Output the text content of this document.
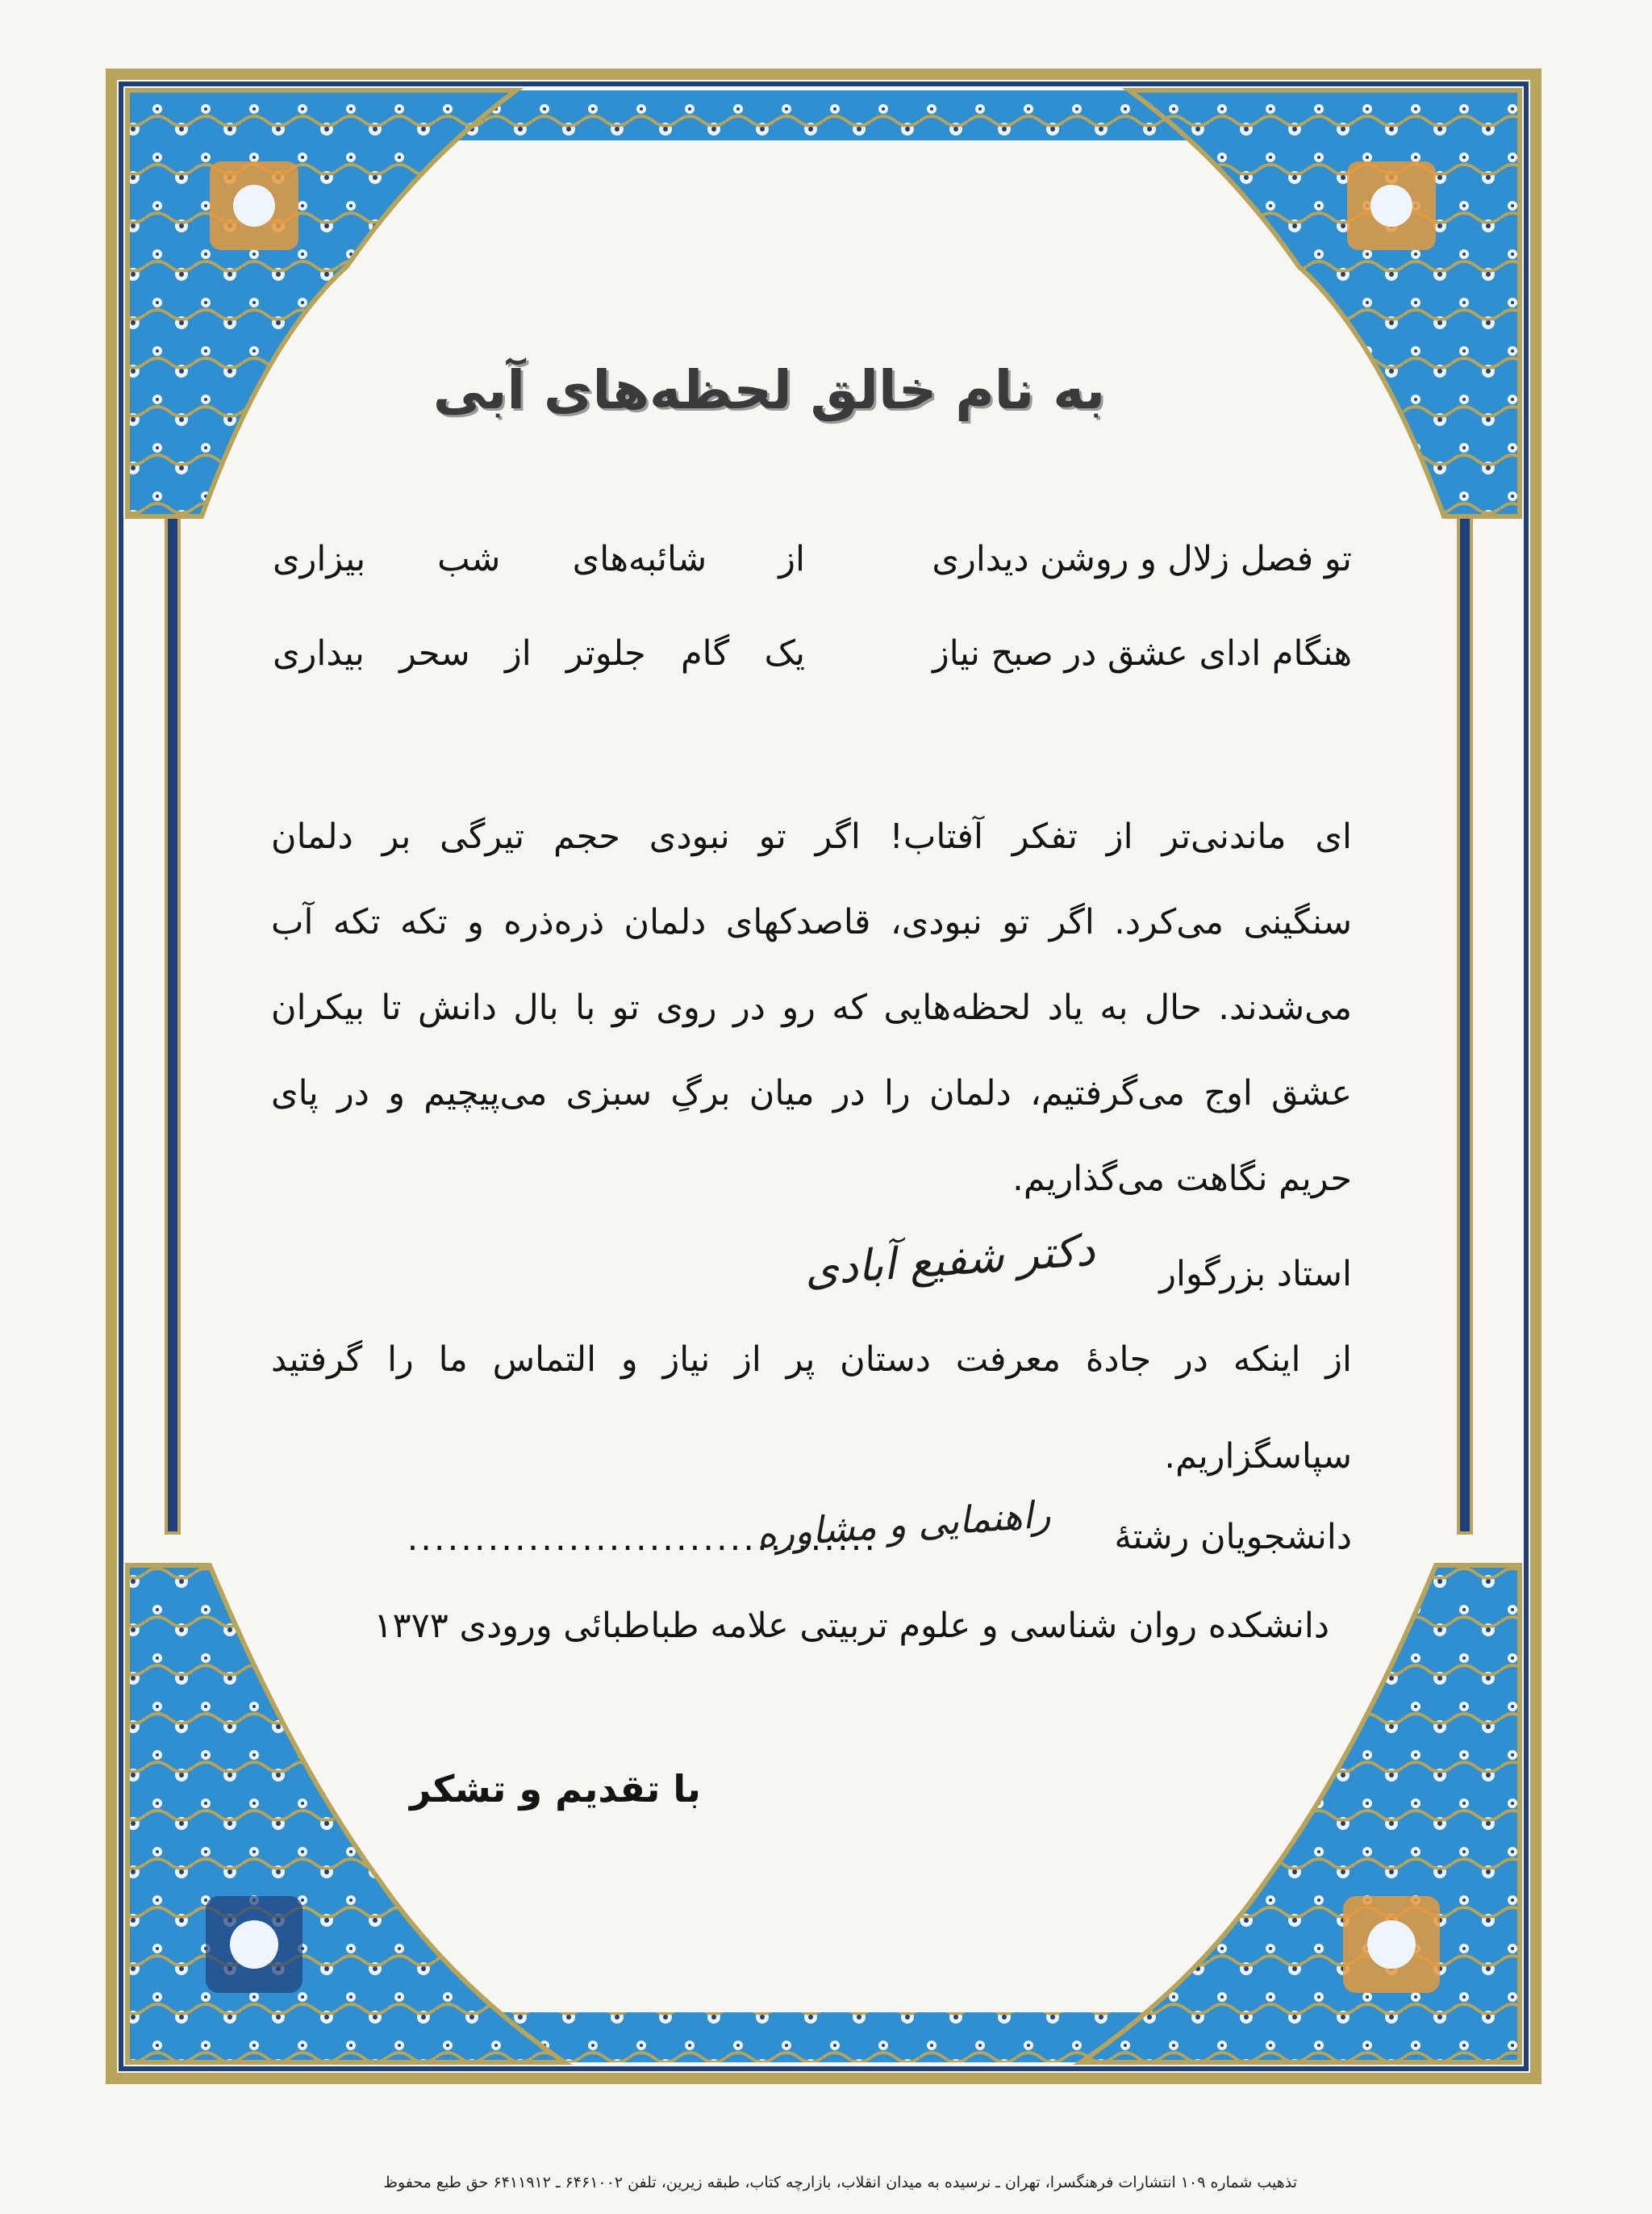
به نام خالق لحظه‌های آبی
تو فصل زلال و روشن دیداری
از شائبه‌های شب بیزاری
هنگام ادای عشق در صبح نیاز
یک گام جلوتر از سحر بیداری
ای ماندنی‌تر از تفکر آفتاب! اگر تو نبودی حجم تیرگی بر دلمان
سنگینی می‌کرد. اگر تو نبودی، قاصدکهای دلمان ذره‌ذره و تکه تکه آب
می‌شدند. حال به یاد لحظه‌هایی که رو در روی تو با بال دانش تا بیکران
عشق اوج می‌گرفتیم، دلمان را در میان برگِ سبزی می‌پیچیم و در پای
حریم نگاهت می‌گذاریم.
استاد بزرگوار
دکتر شفیع آبادی
از اینکه در جادهٔ معرفت دستان پر از نیاز و التماس ما را گرفتید
سپاسگزاریم.
دانشجویان رشتهٔ
...................................
راهنمایی و مشاوره
دانشکده روان شناسی و علوم تربیتی علامه طباطبائی ورودی ۱۳۷۳
با تقدیم و تشکر
تذهیب شماره ۱۰۹ انتشارات فرهنگسرا، تهران ـ نرسیده به میدان انقلاب، بازارچه کتاب، طبقه زیرین، تلفن ۶۴۶۱۰۰۲ ـ ۶۴۱۱۹۱۲ حق طبع محفوظ
